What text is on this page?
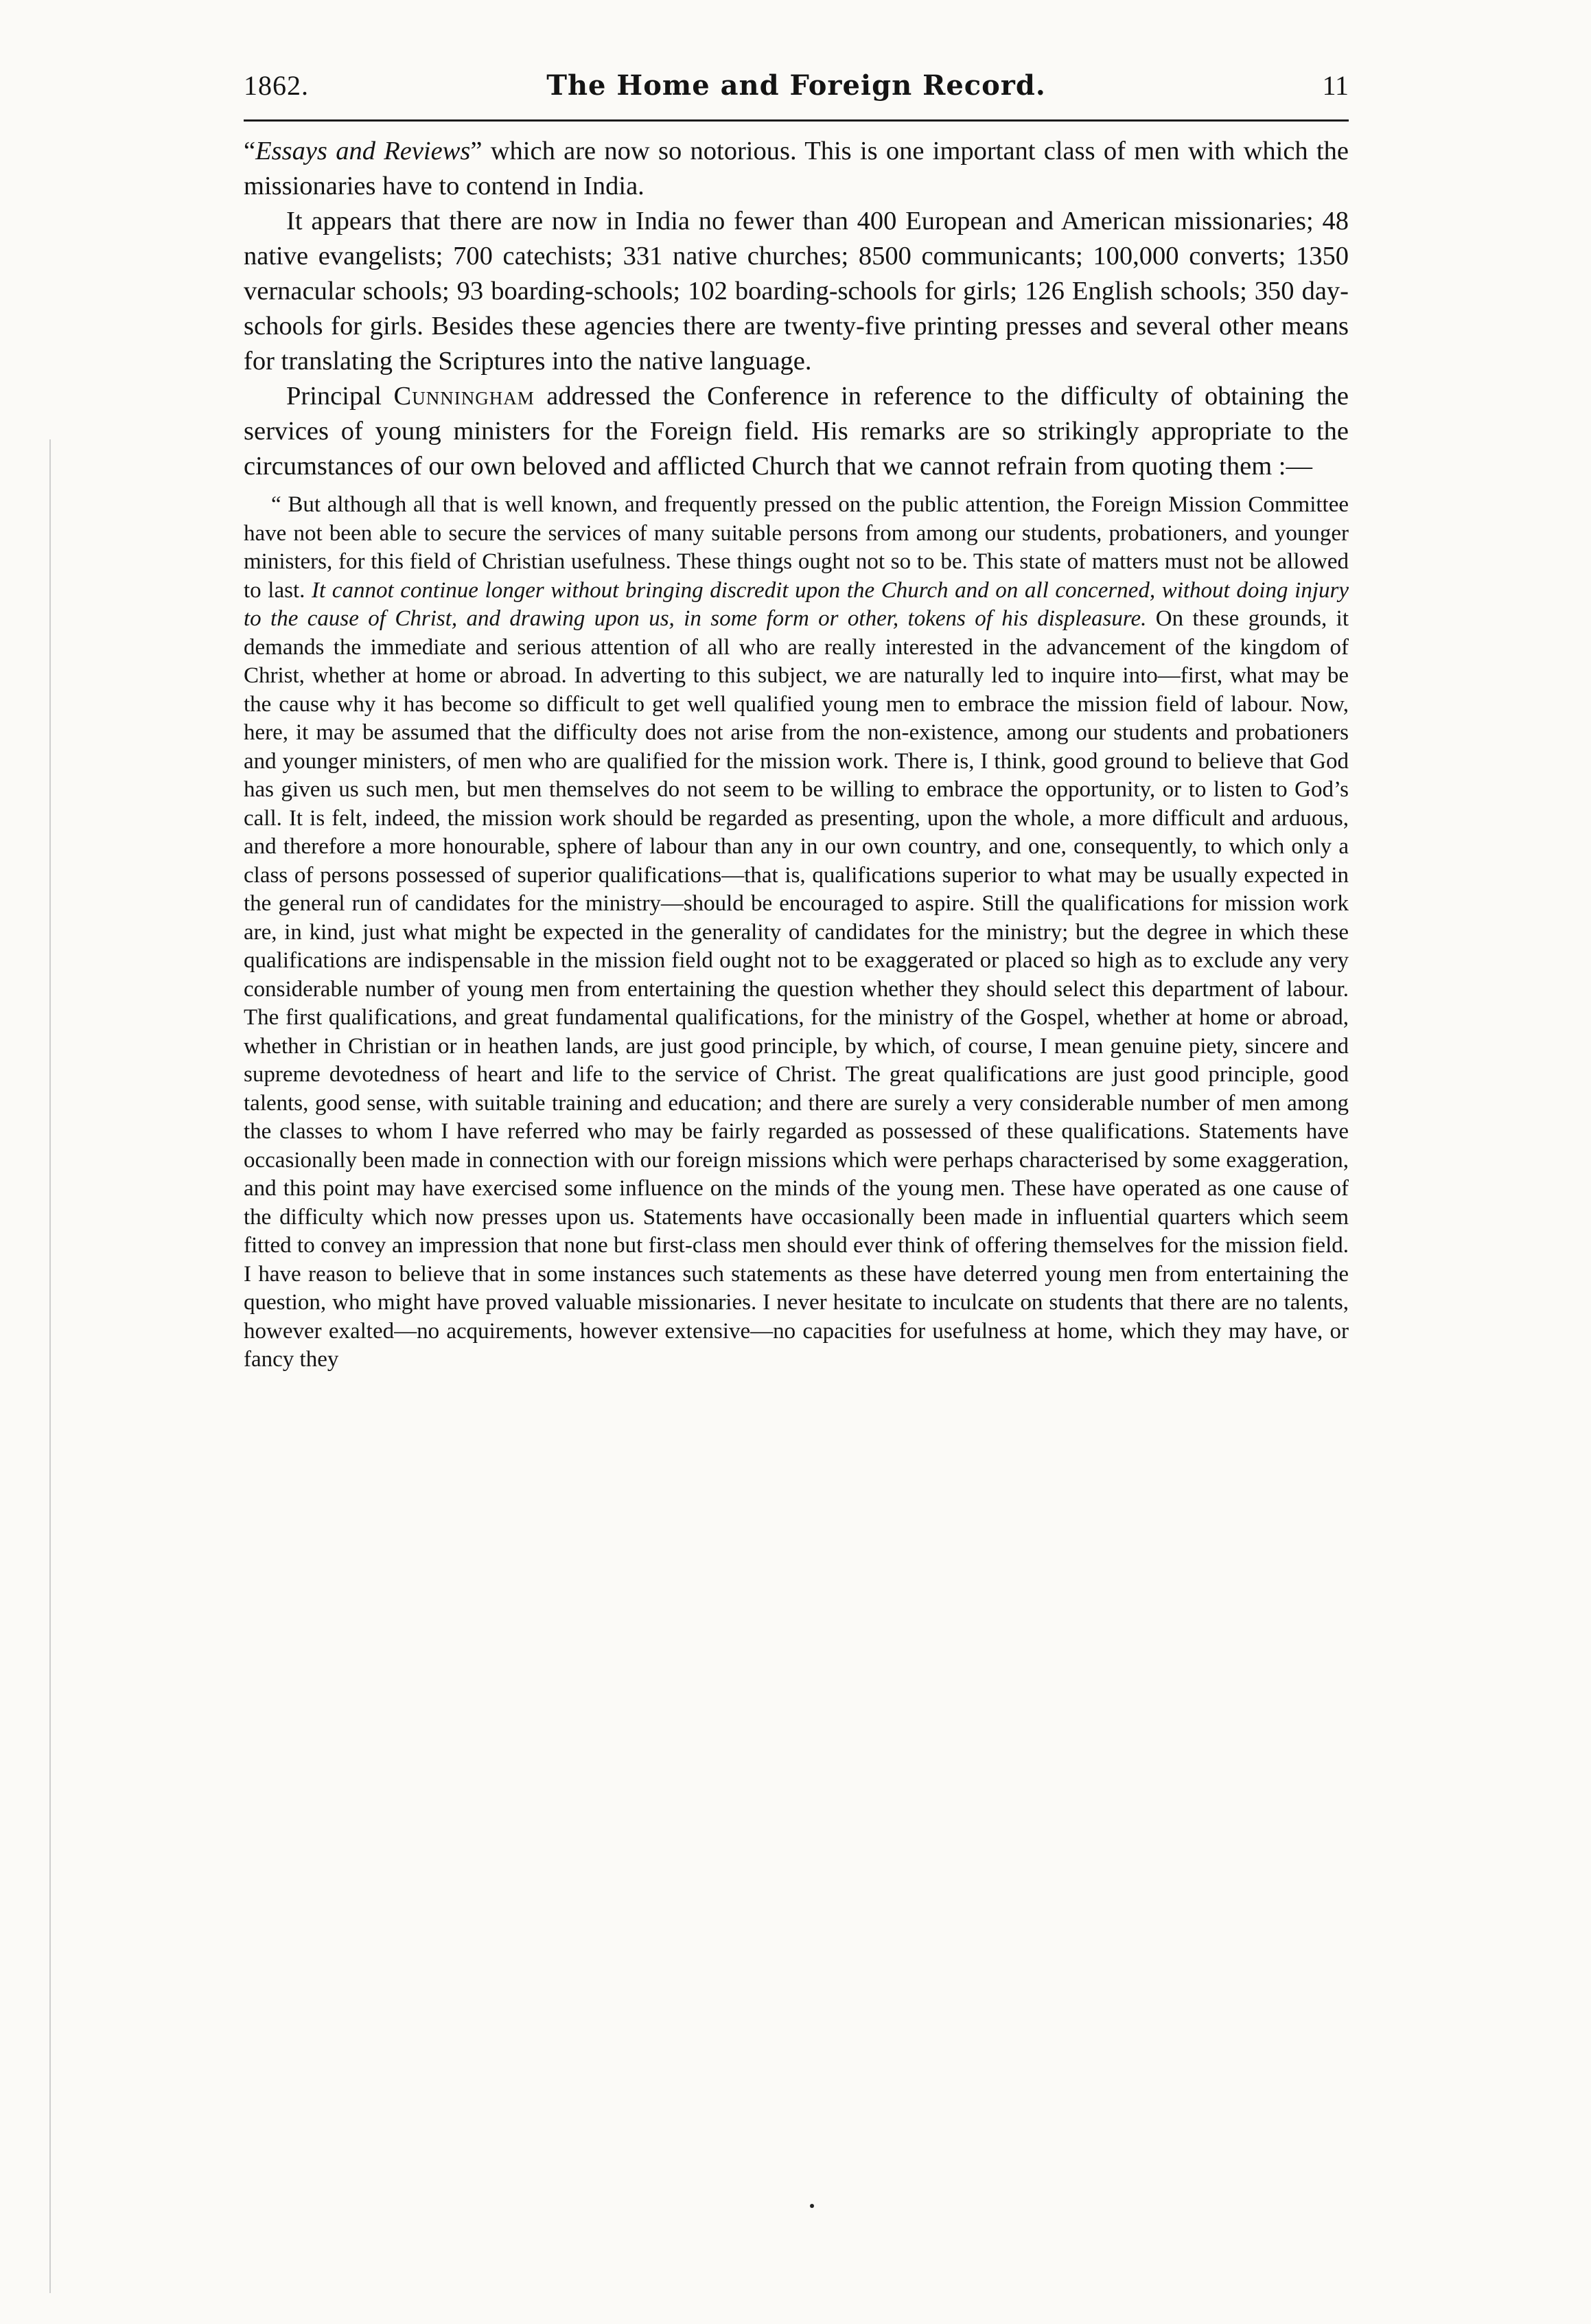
1862.	The Home and Foreign Record.	11

“Essays and Reviews” which are now so notorious. This is one important class of men with which the missionaries have to contend in India.

It appears that there are now in India no fewer than 400 European and American missionaries; 48 native evangelists; 700 catechists; 331 native churches; 8500 communicants; 100,000 converts; 1350 vernacular schools; 93 boarding-schools; 102 boarding-schools for girls; 126 English schools; 350 day-schools for girls. Besides these agencies there are twenty-five printing presses and several other means for translating the Scriptures into the native language.

Principal Cunningham addressed the Conference in reference to the difficulty of obtaining the services of young ministers for the Foreign field. His remarks are so strikingly appropriate to the circumstances of our own beloved and afflicted Church that we cannot refrain from quoting them :—

“ But although all that is well known, and frequently pressed on the public attention, the Foreign Mission Committee have not been able to secure the services of many suitable persons from among our students, probationers, and younger ministers, for this field of Christian usefulness. These things ought not so to be. This state of matters must not be allowed to last. It cannot continue longer without bringing discredit upon the Church and on all concerned, without doing injury to the cause of Christ, and drawing upon us, in some form or other, tokens of his displeasure. On these grounds, it demands the immediate and serious attention of all who are really interested in the advancement of the kingdom of Christ, whether at home or abroad. In adverting to this subject, we are naturally led to inquire into—first, what may be the cause why it has become so difficult to get well qualified young men to embrace the mission field of labour. Now, here, it may be assumed that the difficulty does not arise from the non-existence, among our students and probationers and younger ministers, of men who are qualified for the mission work. There is, I think, good ground to believe that God has given us such men, but men themselves do not seem to be willing to embrace the opportunity, or to listen to God’s call. It is felt, indeed, the mission work should be regarded as presenting, upon the whole, a more difficult and arduous, and therefore a more honourable, sphere of labour than any in our own country, and one, consequently, to which only a class of persons possessed of superior qualifications—that is, qualifications superior to what may be usually expected in the general run of candidates for the ministry—should be encouraged to aspire. Still the qualifications for mission work are, in kind, just what might be expected in the generality of candidates for the ministry; but the degree in which these qualifications are indispensable in the mission field ought not to be exaggerated or placed so high as to exclude any very considerable number of young men from entertaining the question whether they should select this department of labour. The first qualifications, and great fundamental qualifications, for the ministry of the Gospel, whether at home or abroad, whether in Christian or in heathen lands, are just good principle, by which, of course, I mean genuine piety, sincere and supreme devotedness of heart and life to the service of Christ. The great qualifications are just good principle, good talents, good sense, with suitable training and education; and there are surely a very considerable number of men among the classes to whom I have referred who may be fairly regarded as possessed of these qualifications. Statements have occasionally been made in connection with our foreign missions which were perhaps characterised by some exaggeration, and this point may have exercised some influence on the minds of the young men. These have operated as one cause of the difficulty which now presses upon us. Statements have occasionally been made in influential quarters which seem fitted to convey an impression that none but first-class men should ever think of offering themselves for the mission field. I have reason to believe that in some instances such statements as these have deterred young men from entertaining the question, who might have proved valuable missionaries. I never hesitate to inculcate on students that there are no talents, however exalted—no acquirements, however extensive—no capacities for usefulness at home, which they may have, or fancy they
